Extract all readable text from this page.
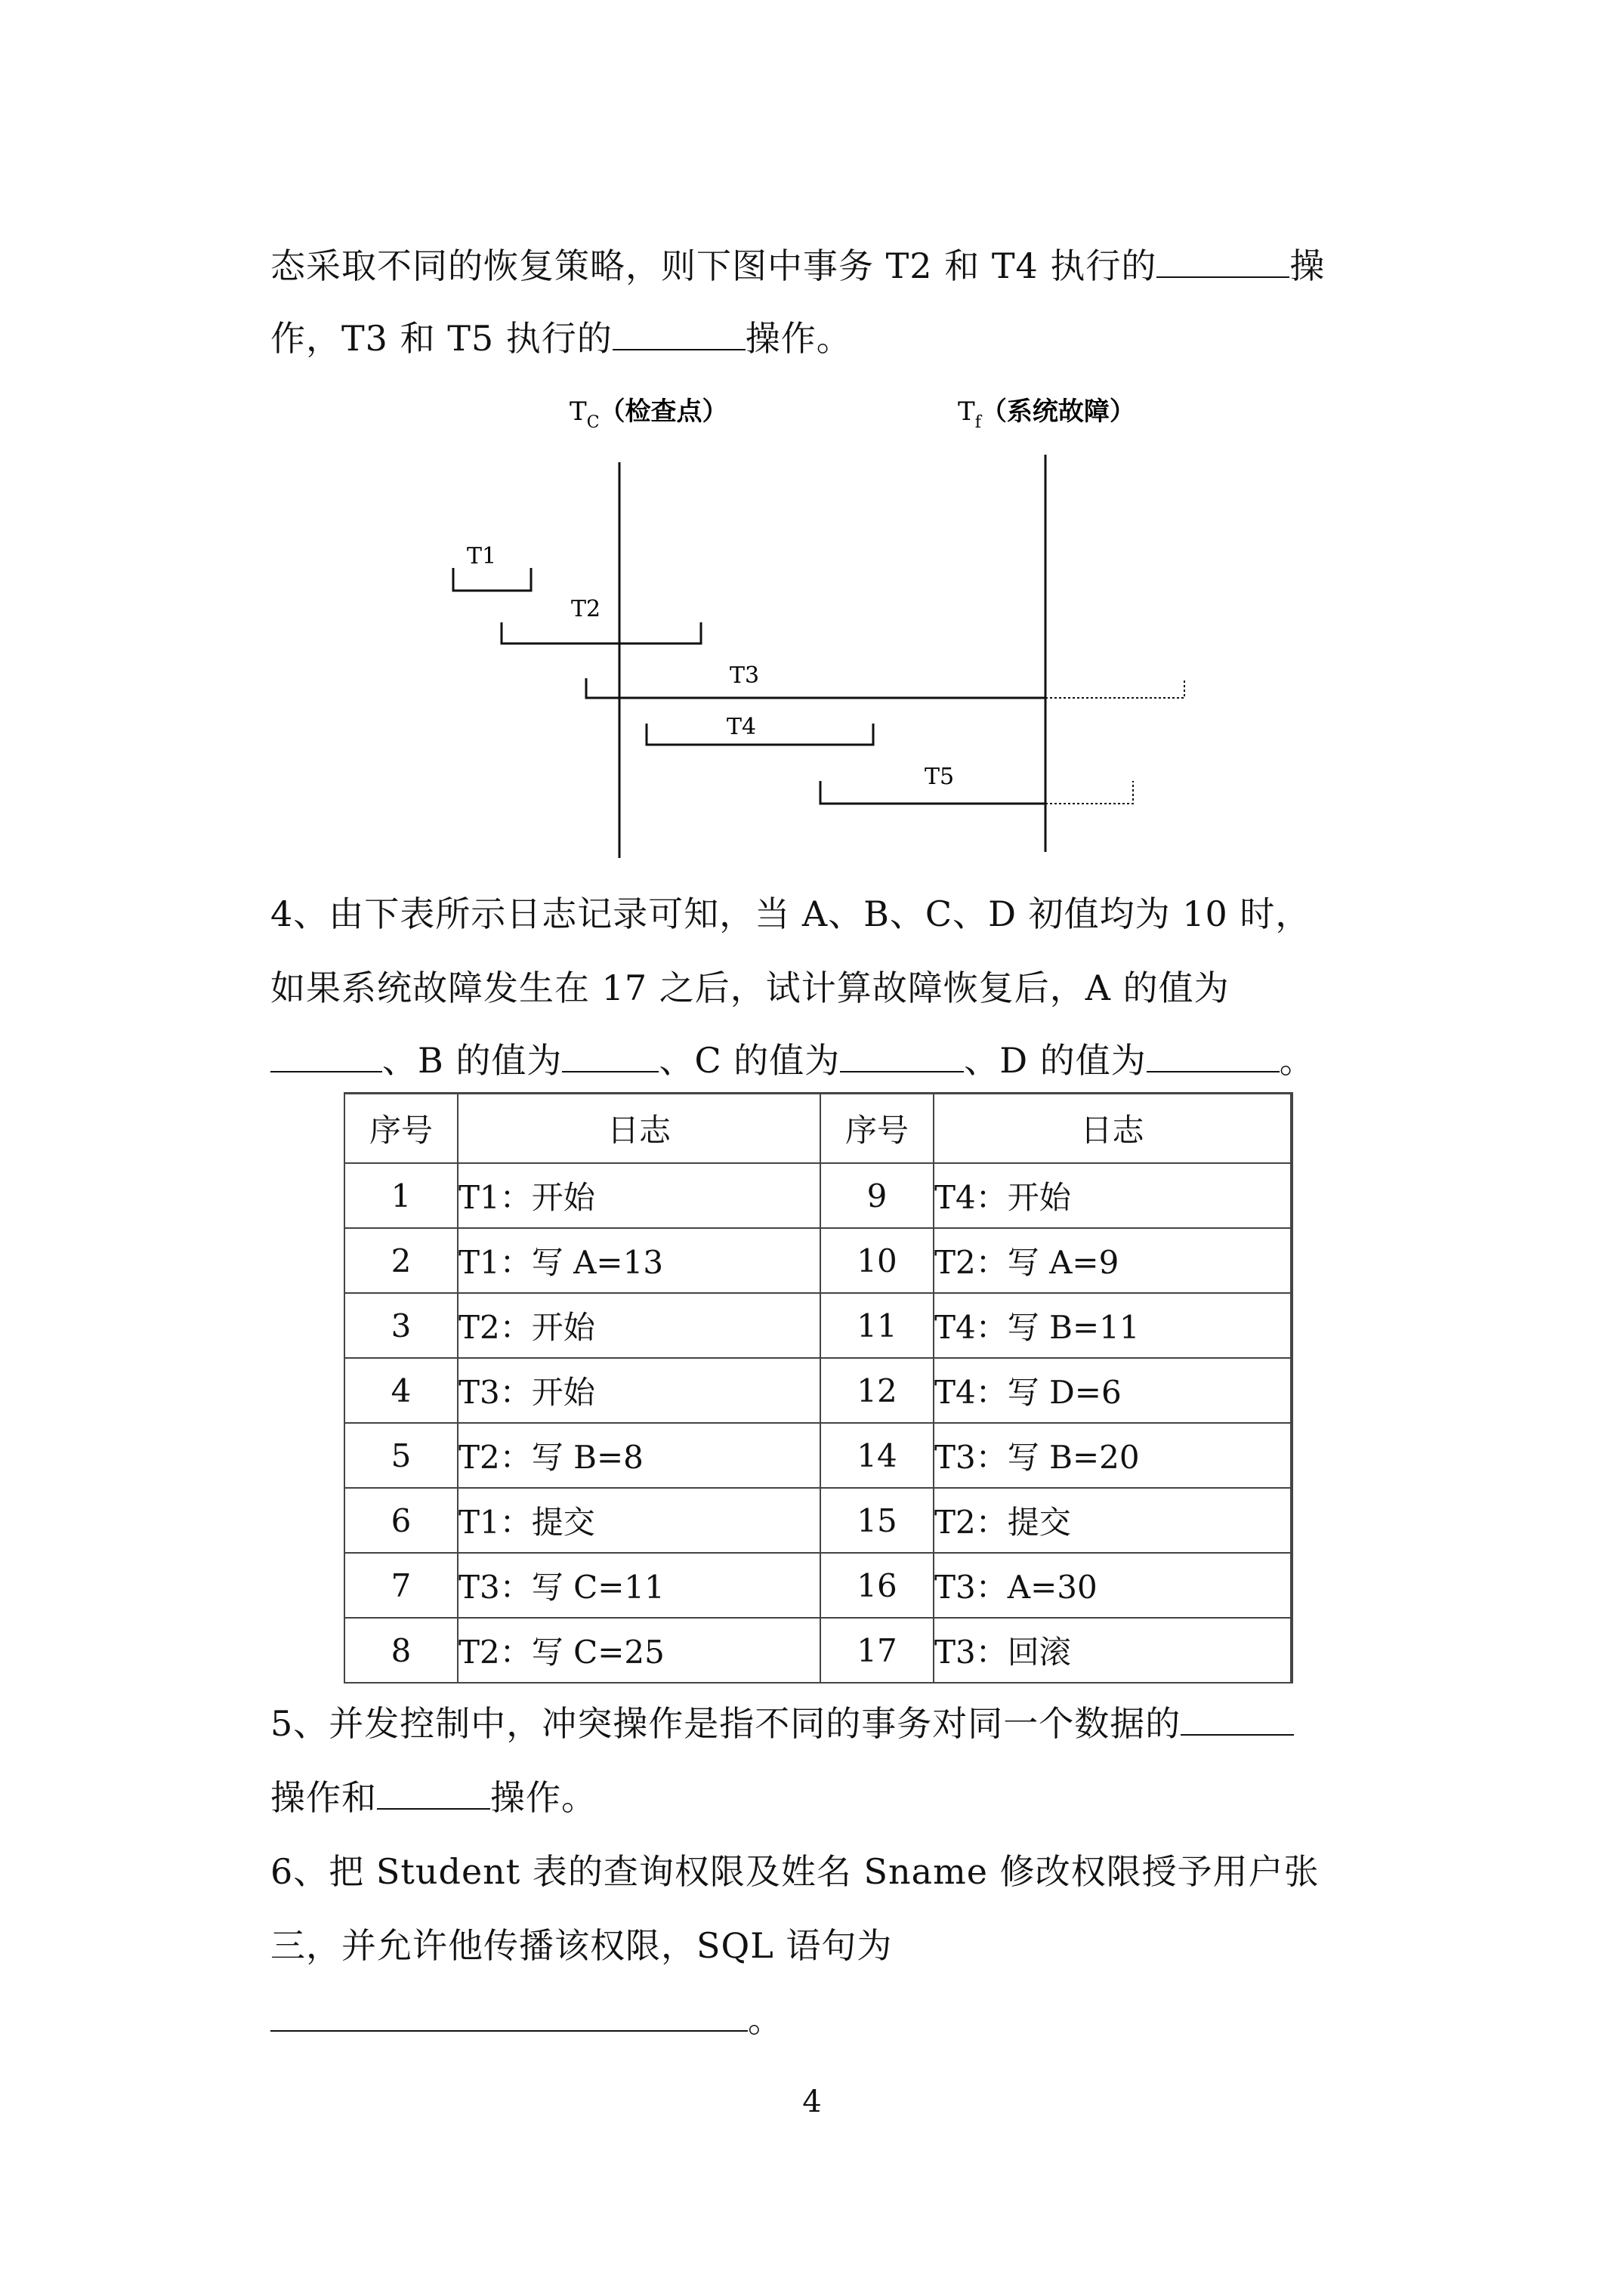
态采取不同的恢复策略，则下图中事务 T2 和 T4 执行的	操
作，T3 和 T5 执行的	操作。
$T_C$（检查点）	$T_f$（系统故障）
T1
T2
T3
T4
T5
4、由下表所示日志记录可知，当 A、B、C、D 初值均为 10 时，
如果系统故障发生在 17 之后，试计算故障恢复后，A 的值为
、B 的值为	、C 的值为	、D 的值为	。
序号	日志	序号	日志
1	T1：开始	9	T4：开始
2	T1：写 A=13	10	T2：写 A=9
3	T2：开始	11	T4：写 B=11
4	T3：开始	12	T4：写 D=6
5	T2：写 B=8	14	T3：写 B=20
6	T1：提交	15	T2：提交
7	T3：写 C=11	16	T3：A=30
8	T2：写 C=25	17	T3：回滚
5、并发控制中，冲突操作是指不同的事务对同一个数据的
操作和	操作。
6、把 Student 表的查询权限及姓名 Sname 修改权限授予用户张
三，并允许他传播该权限，SQL 语句为
。
4
